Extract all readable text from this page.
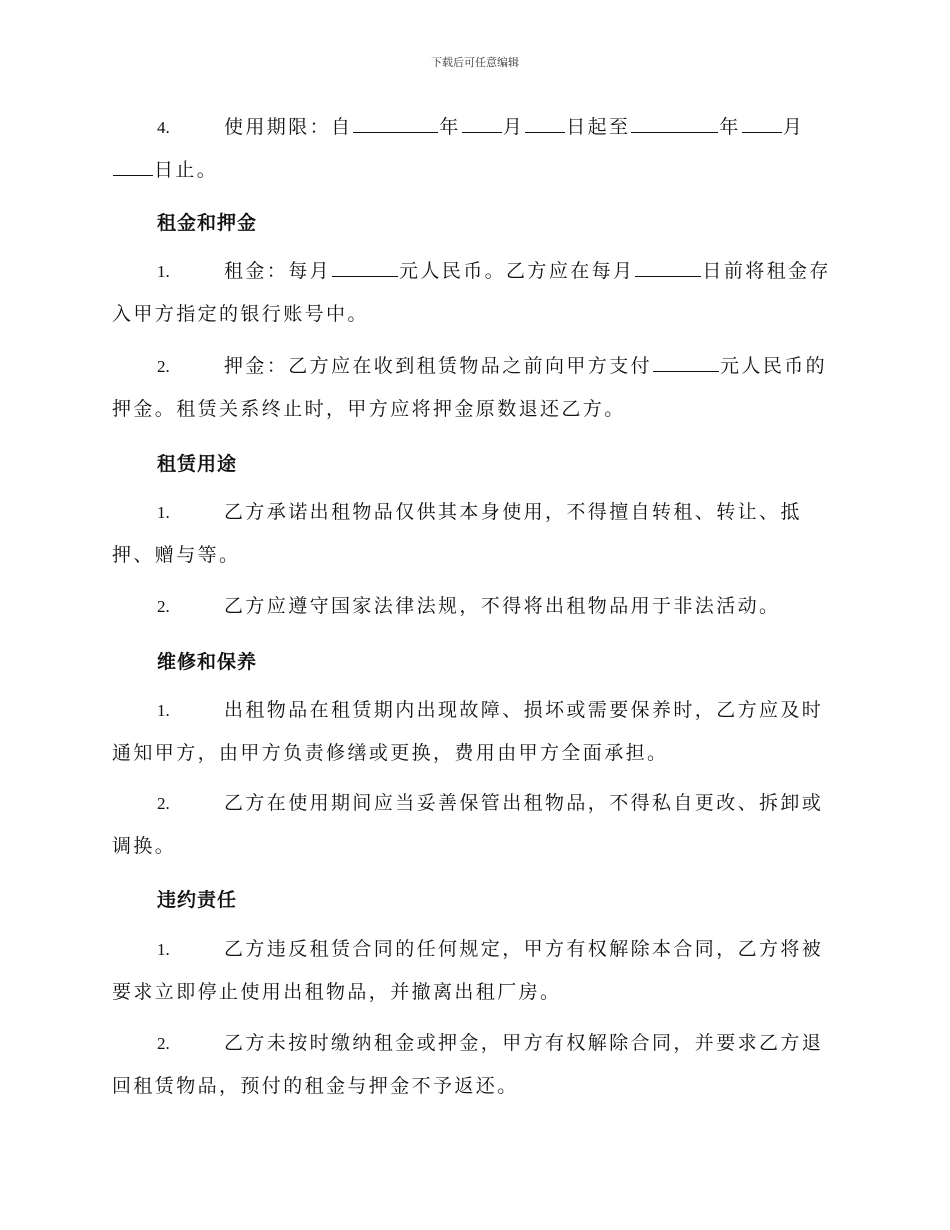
下载后可任意编辑
4.	使用期限：自	年 月 日起至	年 月日止。
租金和押金
1.	租金：每月	元人民币。乙方应在每月	日前将租金存入甲方指定的银行账号中。
2.	押金：乙方应在收到租赁物品之前向甲方支付	元人民币的押金。租赁关系终止时，甲方应将押金原数退还乙方。
租赁用途
1.	乙方承诺出租物品仅供其本身使用，不得擅自转租、转让、抵押、赠与等。
2.	乙方应遵守国家法律法规，不得将出租物品用于非法活动。
维修和保养
1.	出租物品在租赁期内出现故障、损坏或需要保养时，乙方应及时通知甲方，由甲方负责修缮或更换，费用由甲方全面承担。
2.	乙方在使用期间应当妥善保管出租物品，不得私自更改、拆卸或调换。
违约责任
1.	乙方违反租赁合同的任何规定，甲方有权解除本合同，乙方将被要求立即停止使用出租物品，并撤离出租厂房。
2.	乙方未按时缴纳租金或押金，甲方有权解除合同，并要求乙方退回租赁物品，预付的租金与押金不予返还。
